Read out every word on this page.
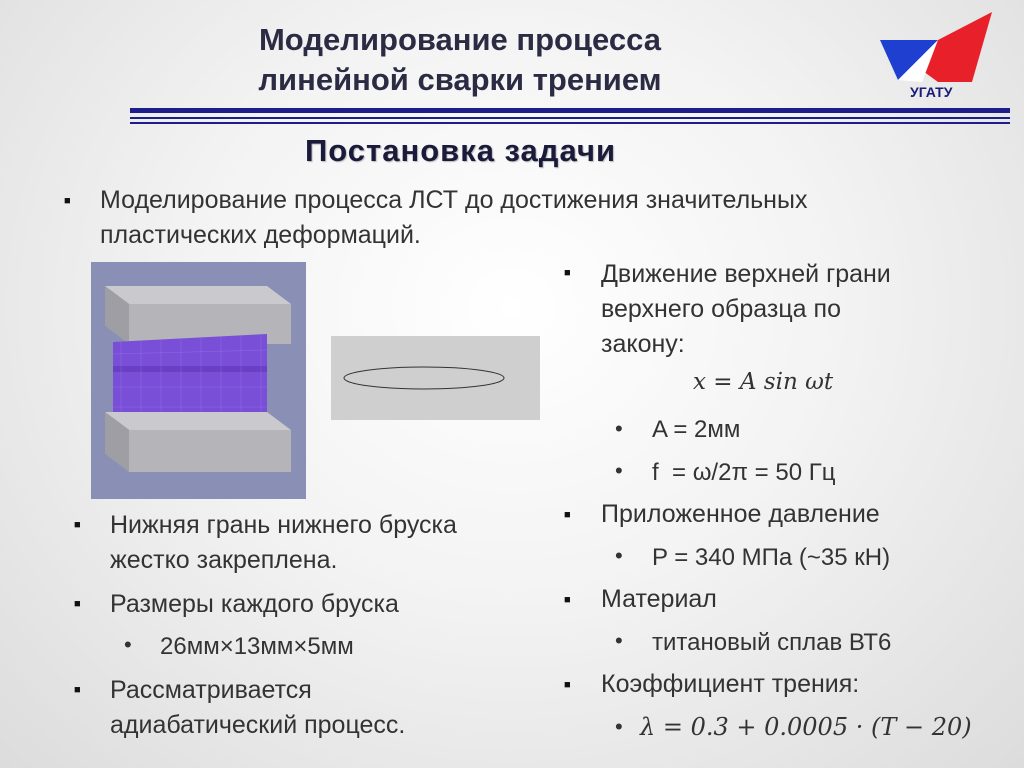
Моделирование процесса
линейной сварки трением	УГАТУ
Постановка задачи
■ Моделирование процесса ЛСТ до достижения значительных
пластических деформаций.
■ Нижняя грань нижнего бруска
жестко закреплена.
■ Размеры каждого бруска
• 26мм×13мм×5мм
■ Рассматривается
адиабатический процесс.
■ Движение верхней грани
верхнего образца по
закону:
x = A sin ωt
• A = 2мм
• f  = ω/2π = 50 Гц
■ Приложенное давление
• P = 340 МПа (~35 кН)
■ Материал
• титановый сплав ВТ6
■ Коэффициент трения:
• λ = 0.3 + 0.0005 · (T − 20)
